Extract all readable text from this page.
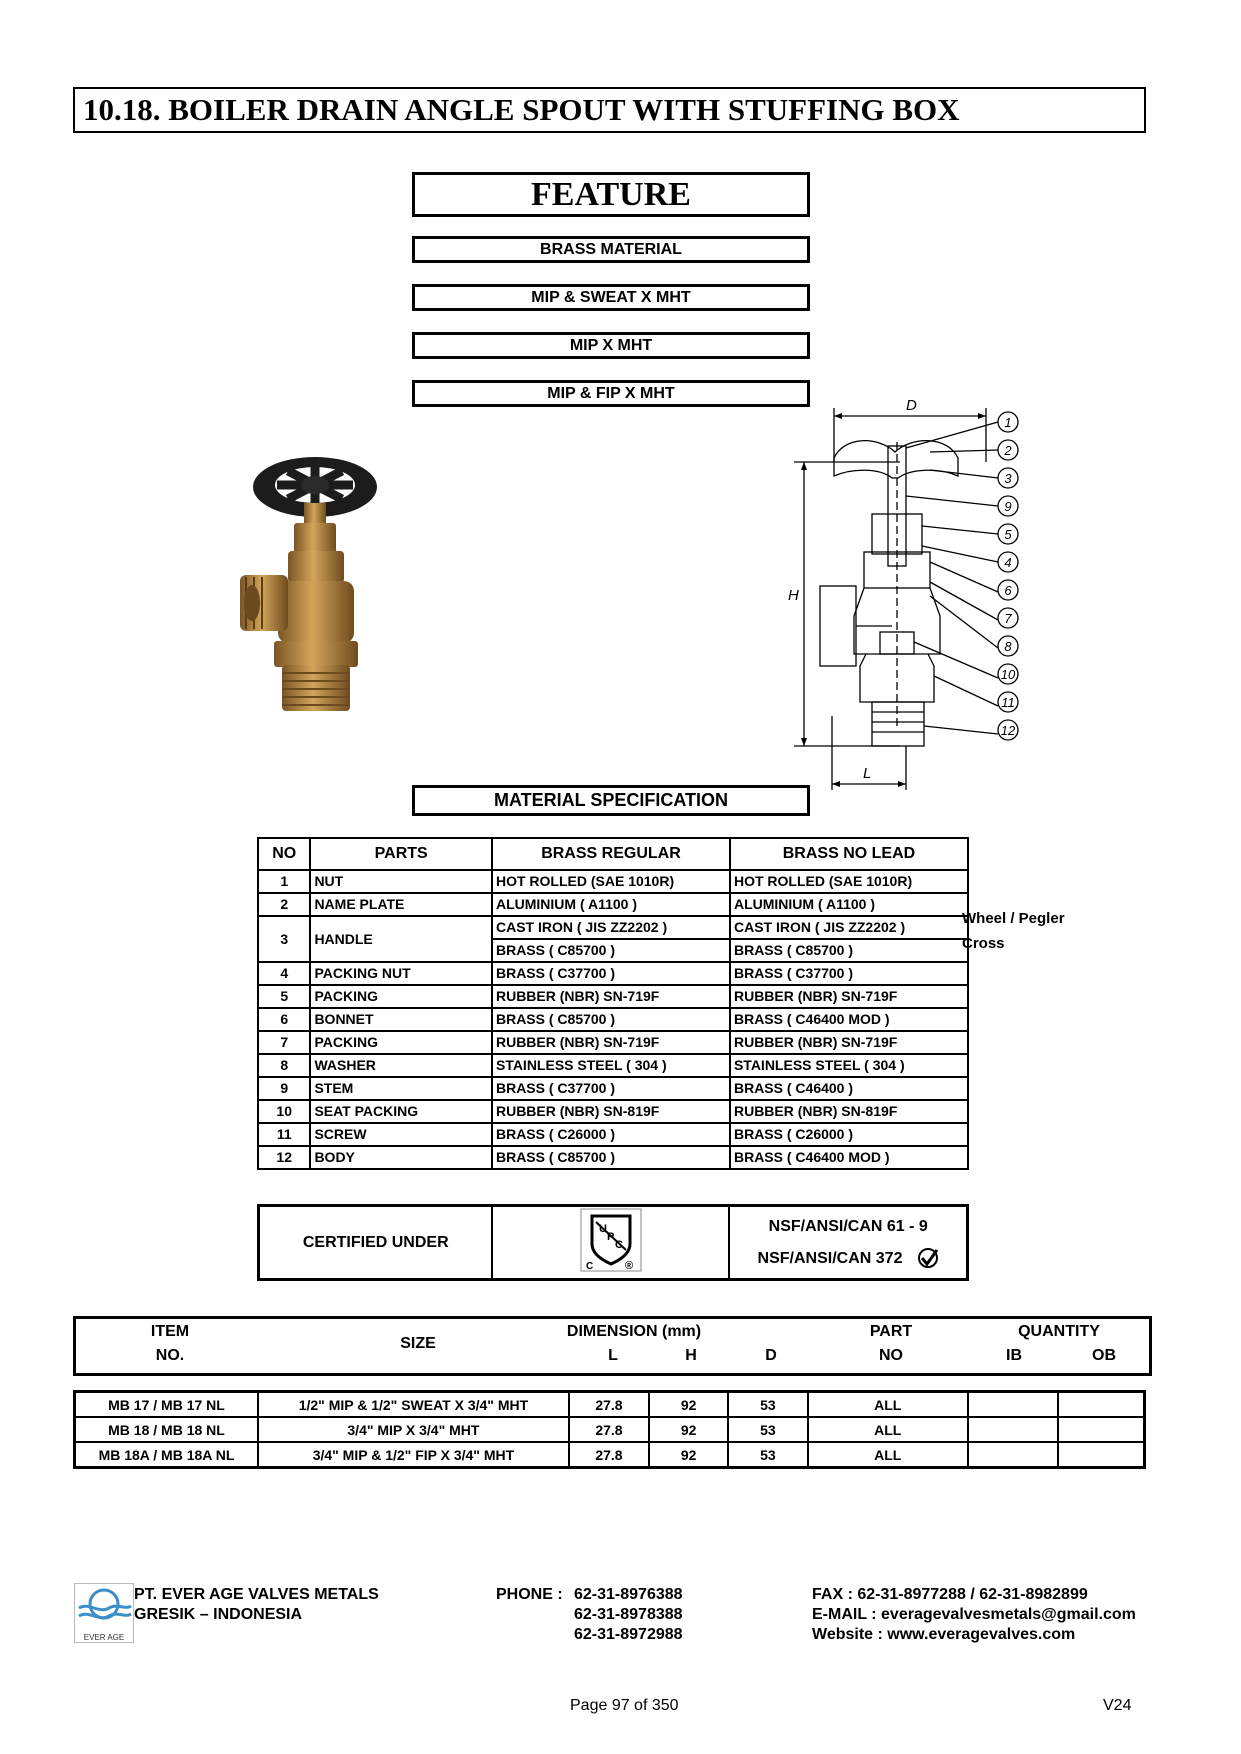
10.18. BOILER DRAIN ANGLE SPOUT WITH STUFFING BOX
FEATURE
BRASS MATERIAL
MIP & SWEAT X MHT
MIP X MHT
MIP & FIP X MHT
D
H
L
1
2
3
9
5
4
6
7
8
10
11
12
MATERIAL SPECIFICATION
NO	PARTS	BRASS REGULAR	BRASS NO LEAD
1	NUT	HOT ROLLED (SAE 1010R)	HOT ROLLED (SAE 1010R)
2	NAME PLATE	ALUMINIUM ( A1100 )	ALUMINIUM ( A1100 )
3	HANDLE	CAST IRON ( JIS ZZ2202 )	CAST IRON ( JIS ZZ2202 )
		BRASS ( C85700 )	BRASS ( C85700 )
4	PACKING NUT	BRASS ( C37700 )	BRASS ( C37700 )
5	PACKING	RUBBER (NBR) SN-719F	RUBBER (NBR) SN-719F
6	BONNET	BRASS ( C85700 )	BRASS ( C46400 MOD )
7	PACKING	RUBBER (NBR) SN-719F	RUBBER (NBR) SN-719F
8	WASHER	STAINLESS STEEL ( 304 )	STAINLESS STEEL ( 304 )
9	STEM	BRASS ( C37700 )	BRASS ( C46400 )
10	SEAT PACKING	RUBBER (NBR) SN-819F	RUBBER (NBR) SN-819F
11	SCREW	BRASS ( C26000 )	BRASS ( C26000 )
12	BODY	BRASS ( C85700 )	BRASS ( C46400 MOD )
Wheel / Pegler
Cross
CERTIFIED UNDER	
U
P
C
C	®

NSF/ANSI/CAN 61 - 9
NSF/ANSI/CAN 372
ITEM
NO.
SIZE
DIMENSION (mm)
L	H	D
PART
NO
QUANTITY
IB	OB
MB 17 / MB 17 NL	1/2" MIP & 1/2" SWEAT X 3/4" MHT	27.8	92	53	ALL		
MB 18 / MB 18 NL	3/4" MIP X 3/4" MHT	27.8	92	53	ALL		
MB 18A / MB 18A NL	3/4" MIP & 1/2" FIP X 3/4" MHT	27.8	92	53	ALL		
EVER AGE
PT. EVER AGE VALVES METALS
GRESIK – INDONESIA
PHONE : 62-31-8976388
62-31-8978388
62-31-8972988
FAX : 62-31-8977288 / 62-31-8982899
E-MAIL : everagevalvesmetals@gmail.com
Website : www.everagevalves.com
Page 97 of 350	V24
